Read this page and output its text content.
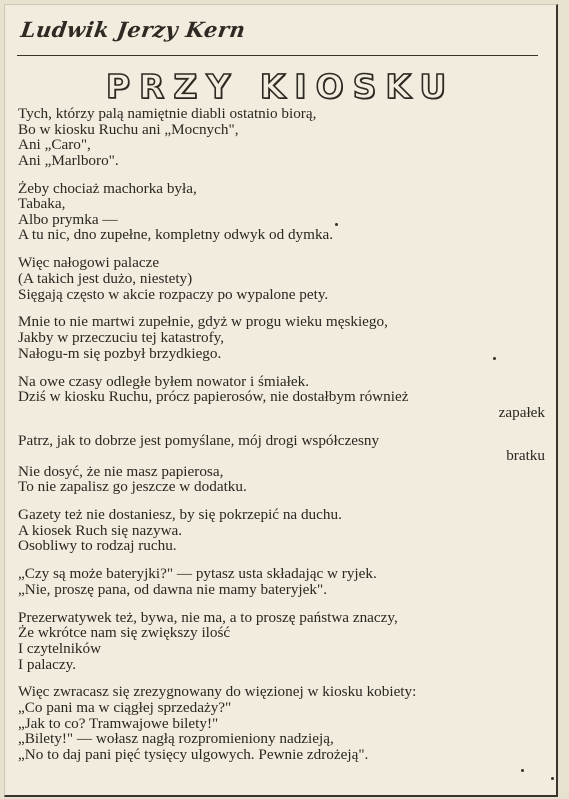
Ludwik Jerzy Kern
PRZY KIOSKU
Tych, którzy palą namiętnie diabli ostatnio biorą,
Bo w kiosku Ruchu ani „Mocnych",
Ani „Caro",
Ani „Marlboro".
Żeby chociaż machorka była,
Tabaka,
Albo prymka —
A tu nic, dno zupełne, kompletny odwyk od dymka.
Więc nałogowi palacze
(A takich jest dużo, niestety)
Sięgają często w akcie rozpaczy po wypalone pety.
Mnie to nie martwi zupełnie, gdyż w progu wieku męskiego,
Jakby w przeczuciu tej katastrofy,
Nałogu-m się pozbył brzydkiego.
Na owe czasy odległe byłem nowator i śmiałek.
Dziś w kiosku Ruchu, prócz papierosów, nie dostałbym również
zapałek
Patrz, jak to dobrze jest pomyślane, mój drogi współczesny
bratku
Nie dosyć, że nie masz papierosa,
To nie zapalisz go jeszcze w dodatku.
Gazety też nie dostaniesz, by się pokrzepić na duchu.
A kiosek Ruch się nazywa.
Osobliwy to rodzaj ruchu.
„Czy są może bateryjki?" — pytasz usta składając w ryjek.
„Nie, proszę pana, od dawna nie mamy bateryjek".
Prezerwatywek też, bywa, nie ma, a to proszę państwa znaczy,
Że wkrótce nam się zwiększy ilość
I czytelników
I palaczy.
Więc zwracasz się zrezygnowany do więzionej w kiosku kobiety:
„Co pani ma w ciągłej sprzedaży?"
„Jak to co? Tramwajowe bilety!"
„Bilety!" — wołasz nagłą rozpromieniony nadzieją,
„No to daj pani pięć tysięcy ulgowych. Pewnie zdrożeją".
